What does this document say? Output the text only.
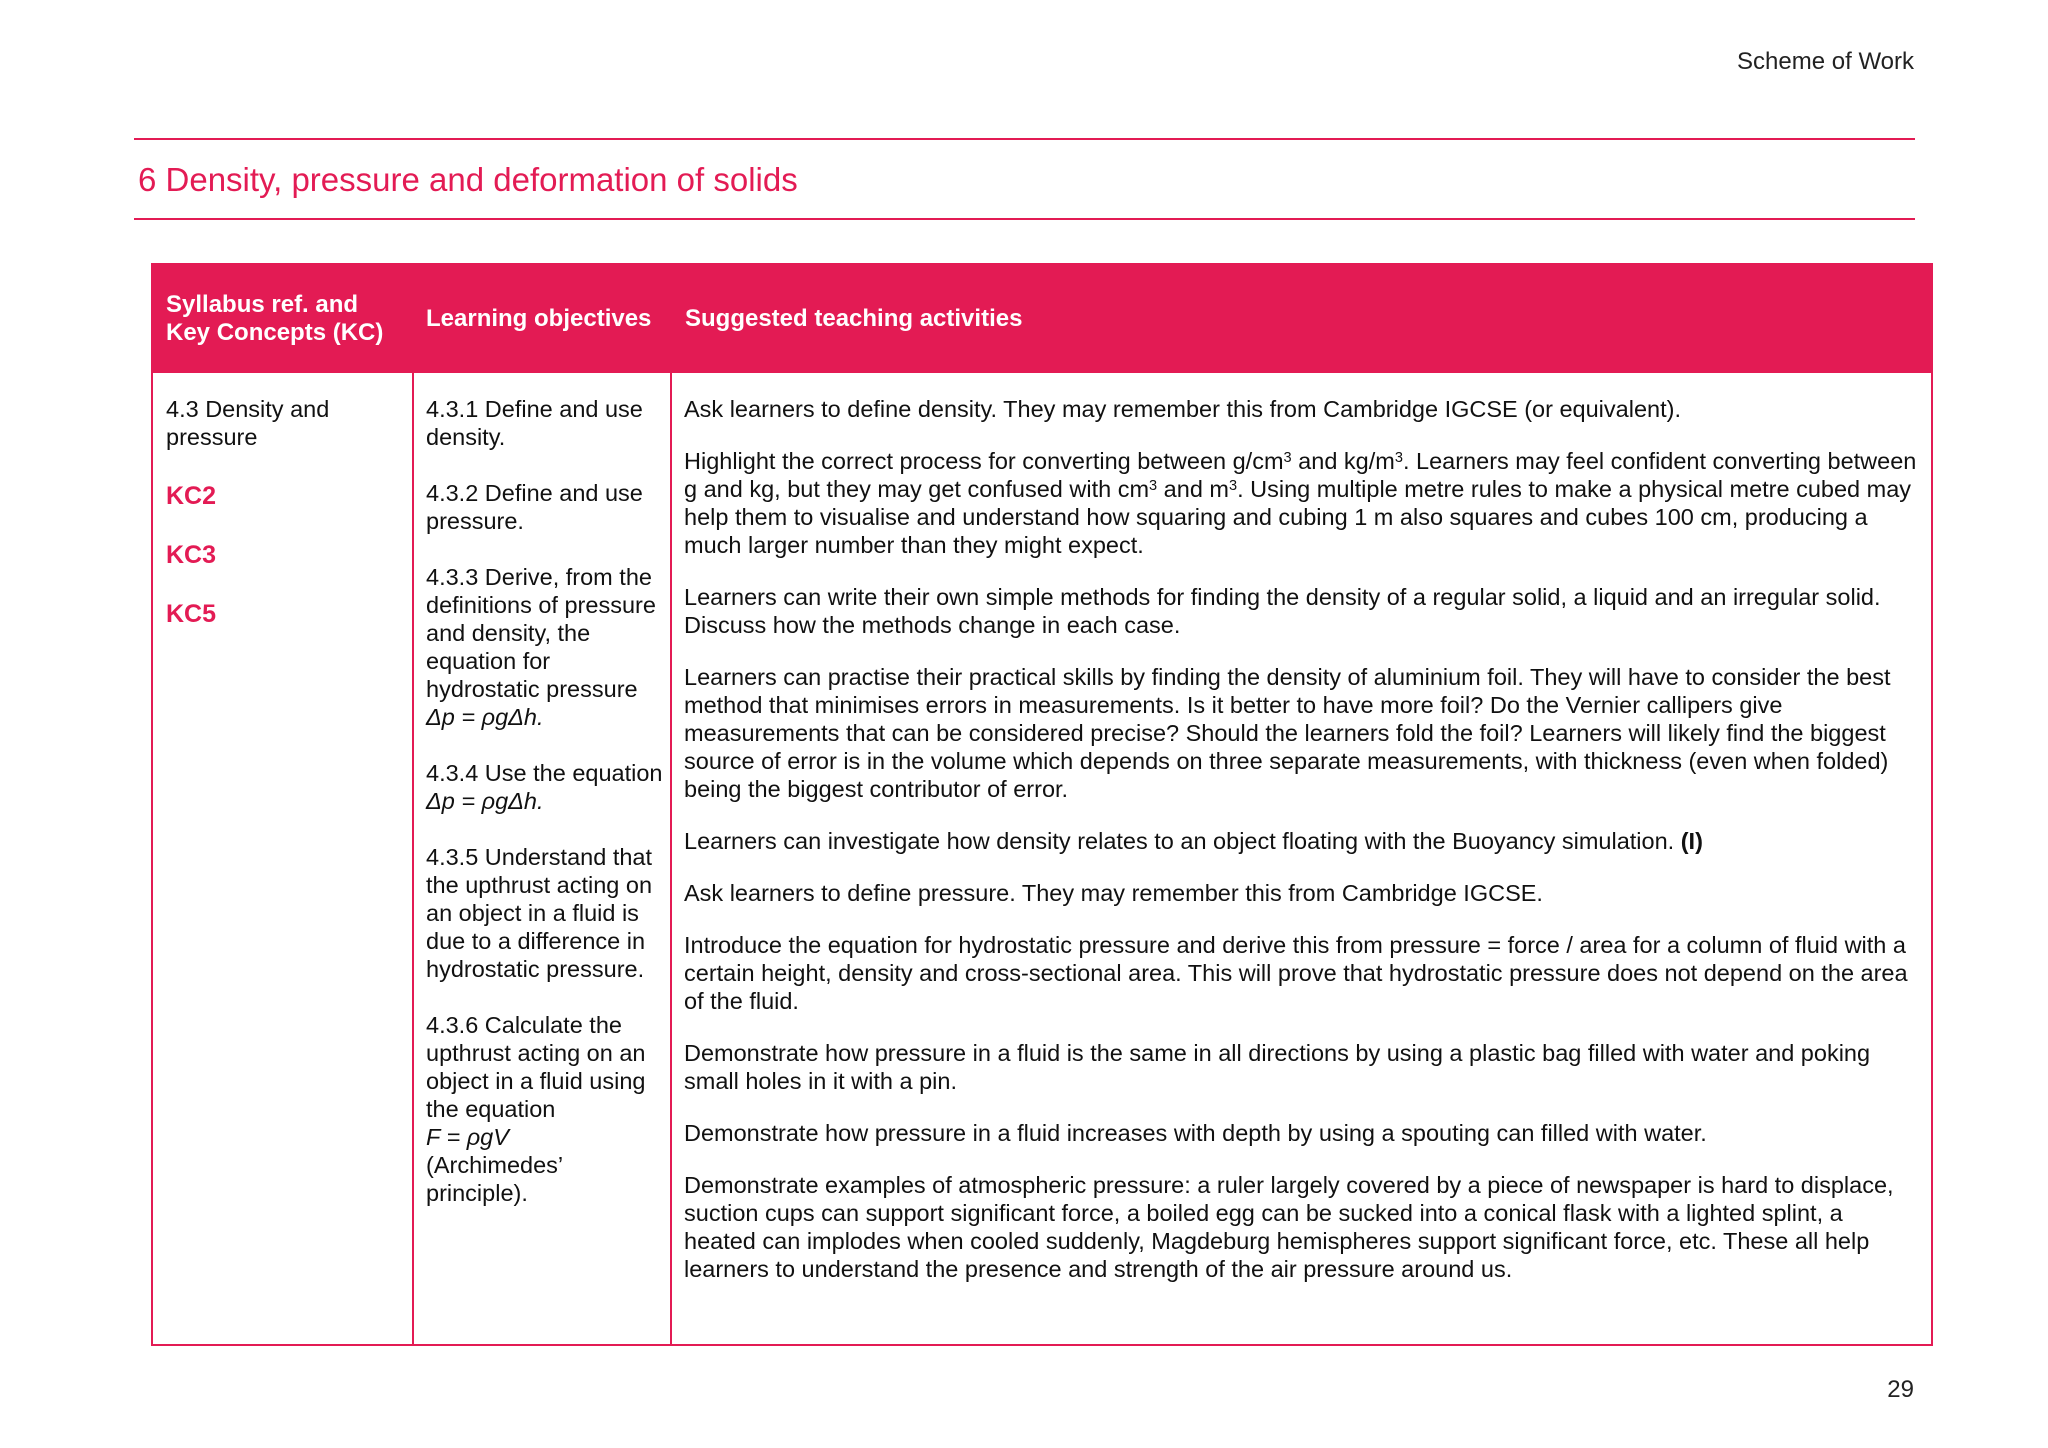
Scheme of Work
6 Density, pressure and deformation of solids
Syllabus ref. and Key Concepts (KC)
Learning objectives	Suggested teaching activities
4.3 Density and pressure
KC2
KC3
KC5
4.3.1 Define and use density.
4.3.2 Define and use pressure.
4.3.3 Derive, from the definitions of pressure and density, the equation for hydrostatic pressure Δp = ρgΔh.
4.3.4 Use the equation Δp = ρgΔh.
4.3.5 Understand that the upthrust acting on an object in a fluid is due to a difference in hydrostatic pressure.
4.3.6 Calculate the upthrust acting on an object in a fluid using the equation
F = ρgV
(Archimedes’ principle).

Ask learners to define density. They may remember this from Cambridge IGCSE (or equivalent).

Highlight the correct process for converting between $g/cm^3$ and $kg/m^3$. Learners may feel confident converting between g and kg, but they may get confused with $cm^3$ and $m^3$. Using multiple metre rules to make a physical metre cubed may help them to visualise and understand how squaring and cubing 1 m also squares and cubes 100 cm, producing a much larger number than they might expect.

Learners can write their own simple methods for finding the density of a regular solid, a liquid and an irregular solid. Discuss how the methods change in each case.

Learners can practise their practical skills by finding the density of aluminium foil. They will have to consider the best method that minimises errors in measurements. Is it better to have more foil? Do the Vernier callipers give measurements that can be considered precise? Should the learners fold the foil? Learners will likely find the biggest source of error is in the volume which depends on three separate measurements, with thickness (even when folded) being the biggest contributor of error.

Learners can investigate how density relates to an object floating with the Buoyancy simulation. (I)

Ask learners to define pressure. They may remember this from Cambridge IGCSE.

Introduce the equation for hydrostatic pressure and derive this from pressure = force / area for a column of fluid with a certain height, density and cross-sectional area. This will prove that hydrostatic pressure does not depend on the area of the fluid.

Demonstrate how pressure in a fluid is the same in all directions by using a plastic bag filled with water and poking small holes in it with a pin.

Demonstrate how pressure in a fluid increases with depth by using a spouting can filled with water.

Demonstrate examples of atmospheric pressure: a ruler largely covered by a piece of newspaper is hard to displace, suction cups can support significant force, a boiled egg can be sucked into a conical flask with a lighted splint, a heated can implodes when cooled suddenly, Magdeburg hemispheres support significant force, etc. These all help learners to understand the presence and strength of the air pressure around us.

29
